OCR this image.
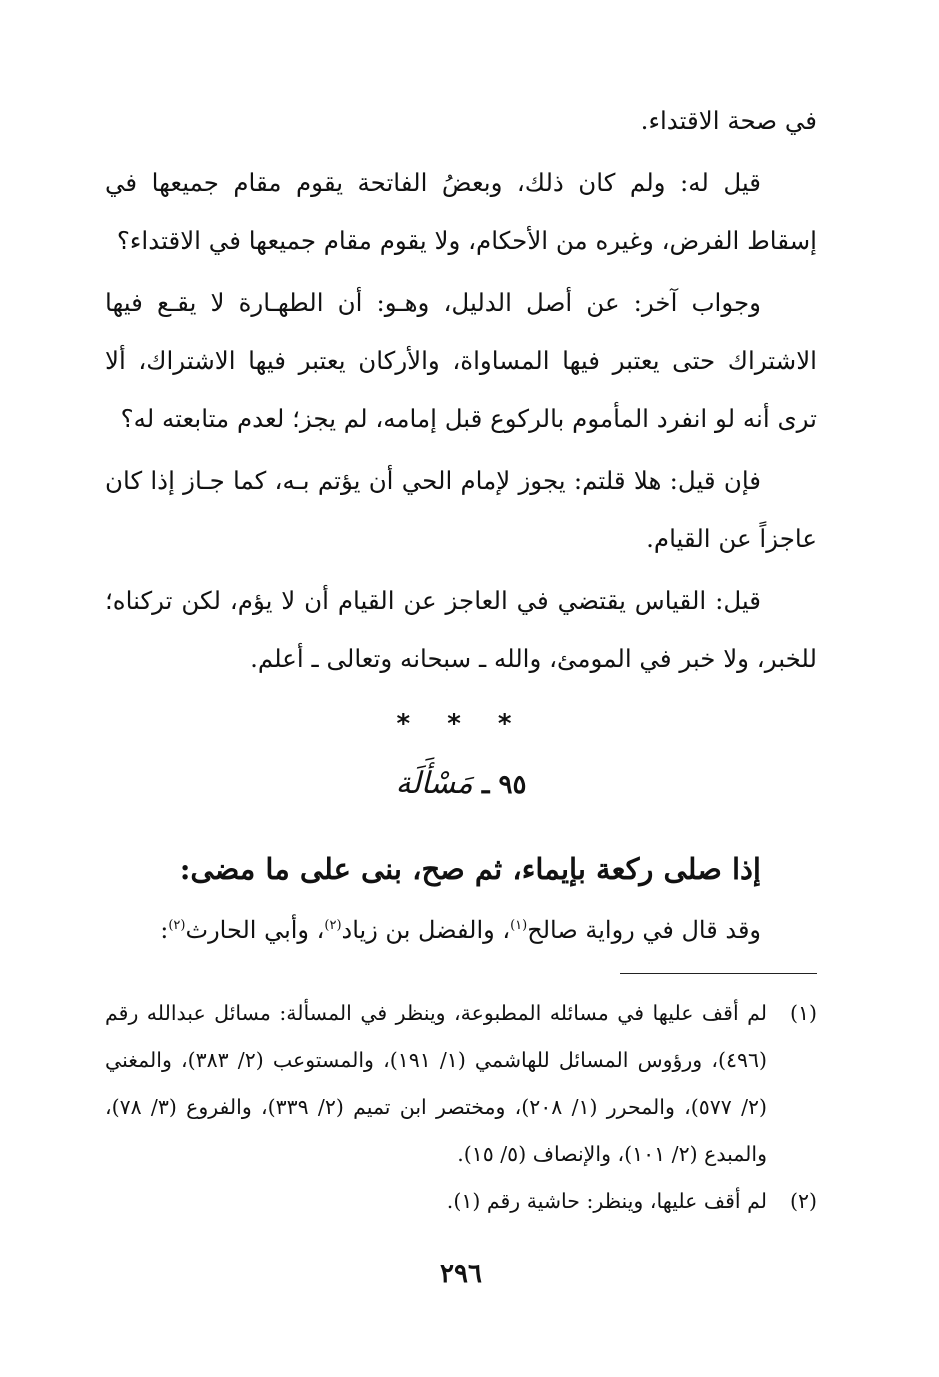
في صحة الاقتداء.

قيل له: ولم كان ذلك، وبعضُ الفاتحة يقوم مقام جميعها في إسقاط الفرض، وغيره من الأحكام، ولا يقوم مقام جميعها في الاقتداء؟

وجواب آخر: عن أصل الدليل، وهـو: أن الطهـارة لا يقـع فيها الاشتراك حتى يعتبر فيها المساواة، والأركان يعتبر فيها الاشتراك، ألا ترى أنه لو انفرد المأموم بالركوع قبل إمامه، لم يجز؛ لعدم متابعته له؟

فإن قيل: هلا قلتم: يجوز لإمام الحي أن يؤتم بـه، كما جـاز إذا كان عاجزاً عن القيام.

قيل: القياس يقتضي في العاجز عن القيام أن لا يؤم، لكن تركناه؛ للخبر، ولا خبر في المومئ، والله ـ سبحانه وتعالى ـ أعلم.

* * *
٩٥ ـ مَسْأَلَة
إذا صلى ركعة بإيماء، ثم صح، بنى على ما مضى:
وقد قال في رواية صالح$^{(١)}$، والفضل بن زياد$^{(٢)}$، وأبي الحارث$^{(٢)}$:
(١)
لم أقف عليها في مسائله المطبوعة، وينظر في المسألة: مسائل عبدالله رقم (٤٩٦)، ورؤوس المسائل للهاشمي (١/ ١٩١)، والمستوعب (٢/ ٣٨٣)، والمغني (٢/ ٥٧٧)، والمحرر (١/ ٢٠٨)، ومختصر ابن تميم (٢/ ٣٣٩)، والفروع (٣/ ٧٨)، والمبدع (٢/ ١٠١)، والإنصاف (٥/ ١٥).
(٢)
لم أقف عليها، وينظر: حاشية رقم (١).
٢٩٦
